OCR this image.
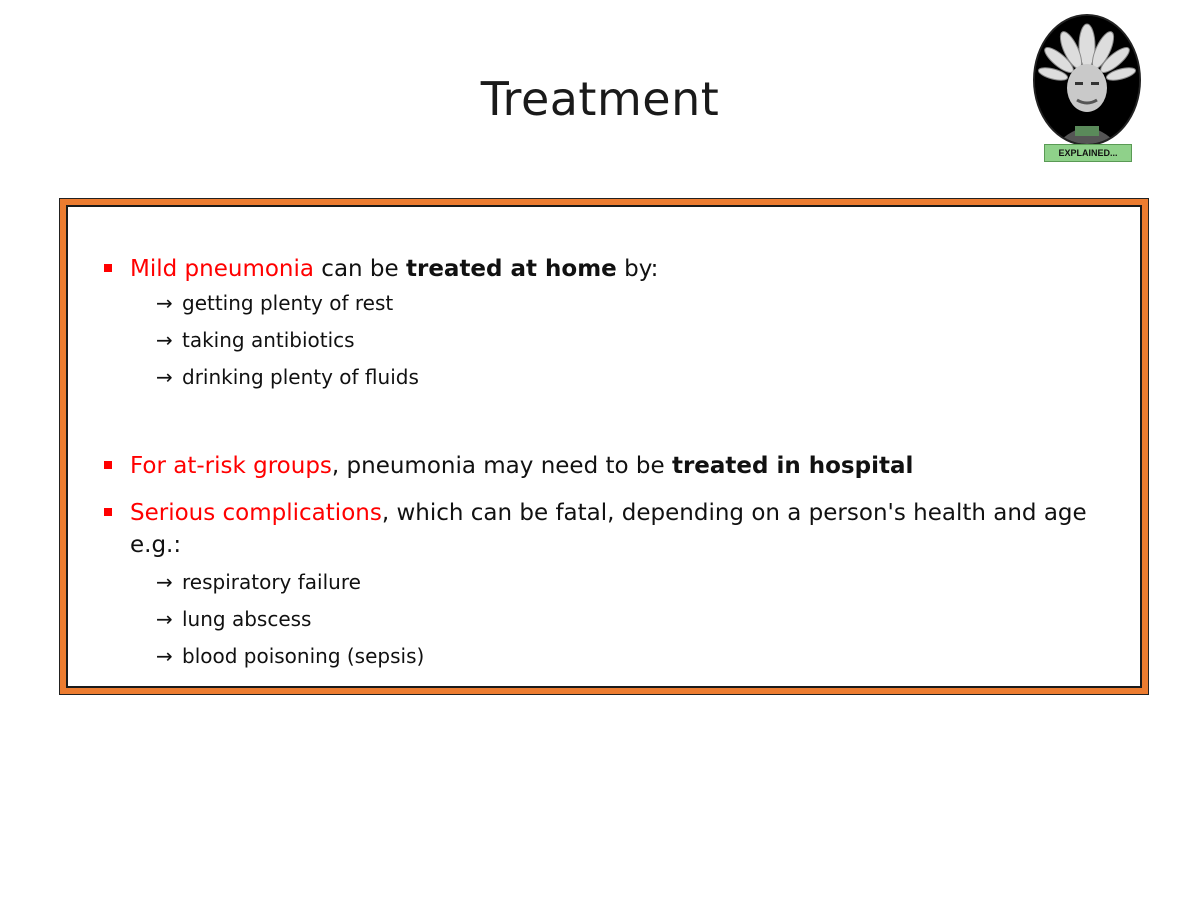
Treatment
EXPLAINED...
Mild pneumonia can be treated at home by:
→ getting plenty of rest
→ taking antibiotics
→ drinking plenty of fluids
For at-risk groups, pneumonia may need to be treated in hospital
Serious complications, which can be fatal, depending on a person's health and age
e.g.:
→ respiratory failure
→ lung abscess
→ blood poisoning (sepsis)
